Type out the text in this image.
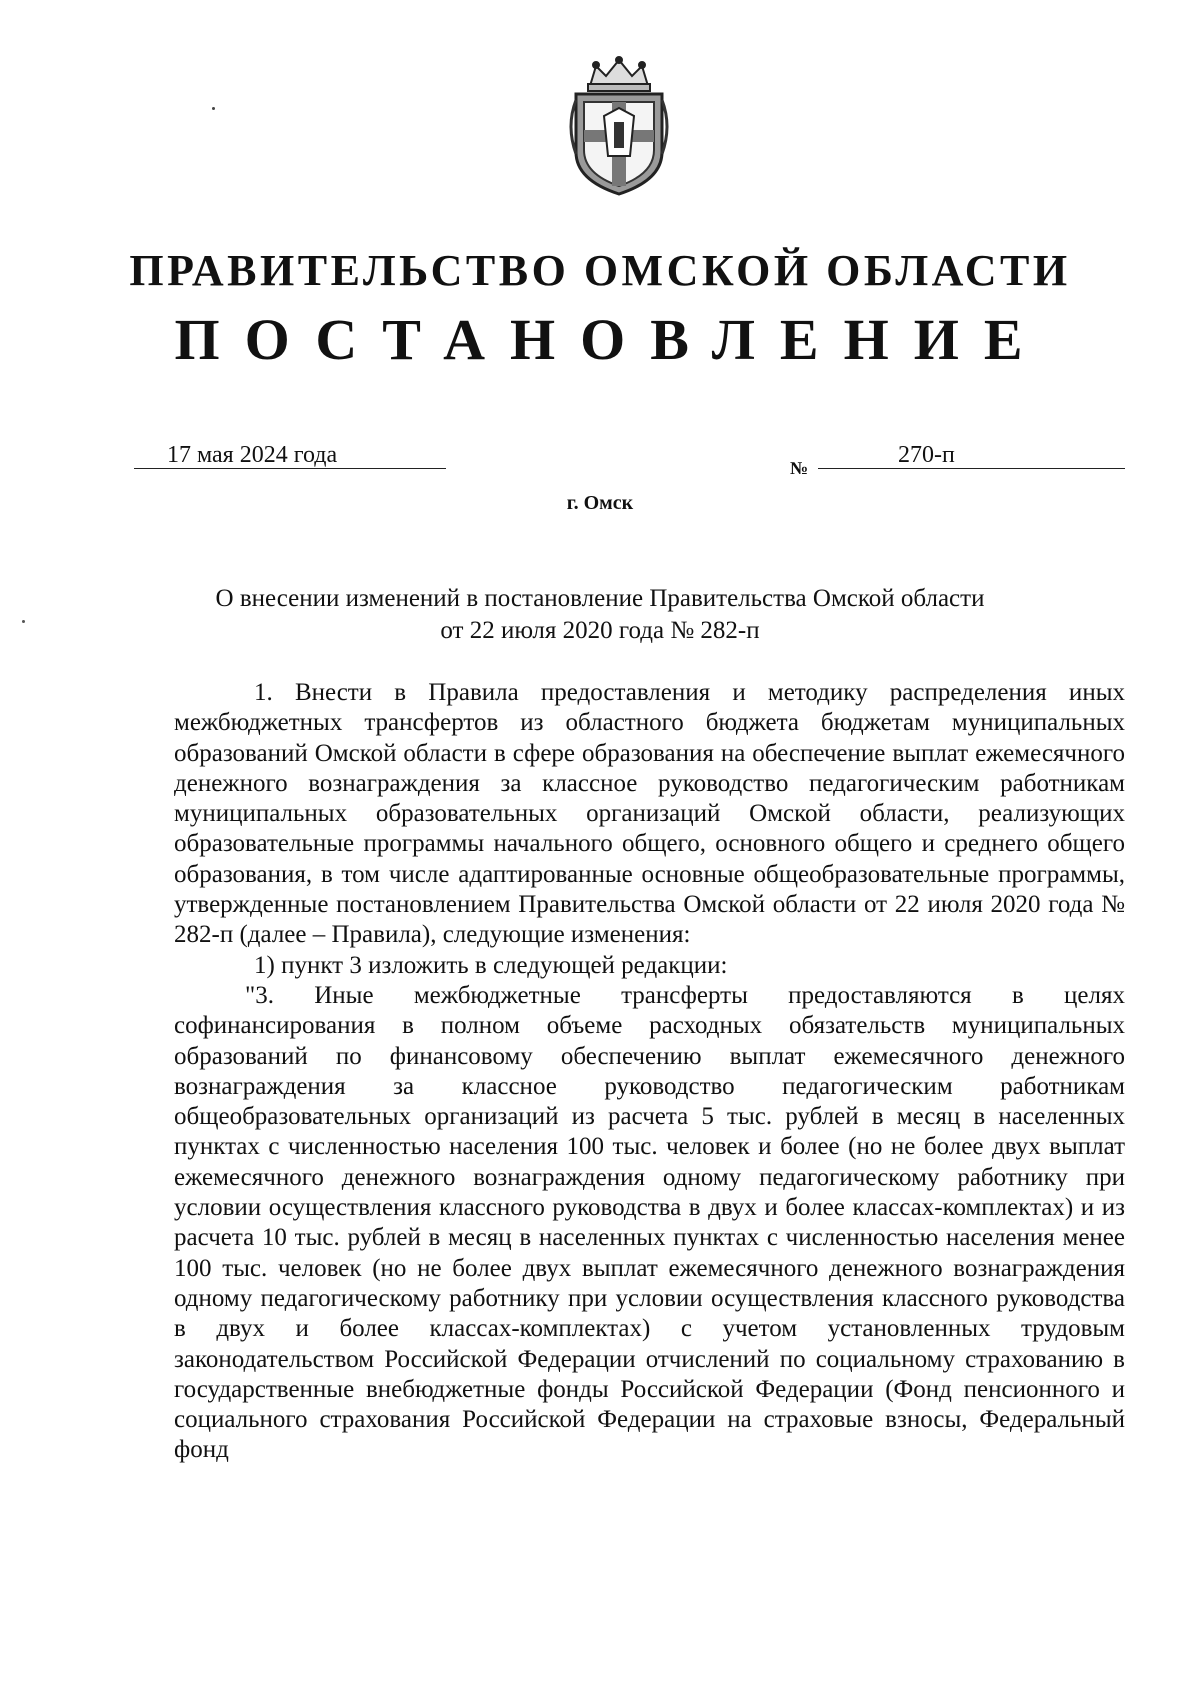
ПРАВИТЕЛЬСТВО ОМСКОЙ ОБЛАСТИ
ПОСТАНОВЛЕНИЕ
17 мая 2024 года	№	270-п
г. Омск
О внесении изменений в постановление Правительства Омской области
от 22 июля 2020 года № 282-п

1. Внести в Правила предоставления и методику распределения иных межбюджетных трансфертов из областного бюджета бюджетам муниципальных образований Омской области в сфере образования на обеспечение выплат ежемесячного денежного вознаграждения за классное руководство педагогическим работникам муниципальных образовательных организаций Омской области, реализующих образовательные программы начального общего, основного общего и среднего общего образования, в том числе адаптированные основные общеобразовательные программы, утвержденные постановлением Правительства Омской области от 22 июля 2020 года № 282-п (далее – Правила), следующие изменения:

1) пункт 3 изложить в следующей редакции:

"3. Иные межбюджетные трансферты предоставляются в целях софинансирования в полном объеме расходных обязательств муниципальных образований по финансовому обеспечению выплат ежемесячного денежного вознаграждения за классное руководство педагогическим работникам общеобразовательных организаций из расчета 5 тыс. рублей в месяц в населенных пунктах с численностью населения 100 тыс. человек и более (но не более двух выплат ежемесячного денежного вознаграждения одному педагогическому работнику при условии осуществления классного руководства в двух и более классах-комплектах) и из расчета 10 тыс. рублей в месяц в населенных пунктах с численностью населения менее 100 тыс. человек (но не более двух выплат ежемесячного денежного вознаграждения одному педагогическому работнику при условии осуществления классного руководства в двух и более классах-комплектах) с учетом установленных трудовым законодательством Российской Федерации отчислений по социальному страхованию в государственные внебюджетные фонды Российской Федерации (Фонд пенсионного и социального страхования Российской Федерации на страховые взносы, Федеральный фонд
